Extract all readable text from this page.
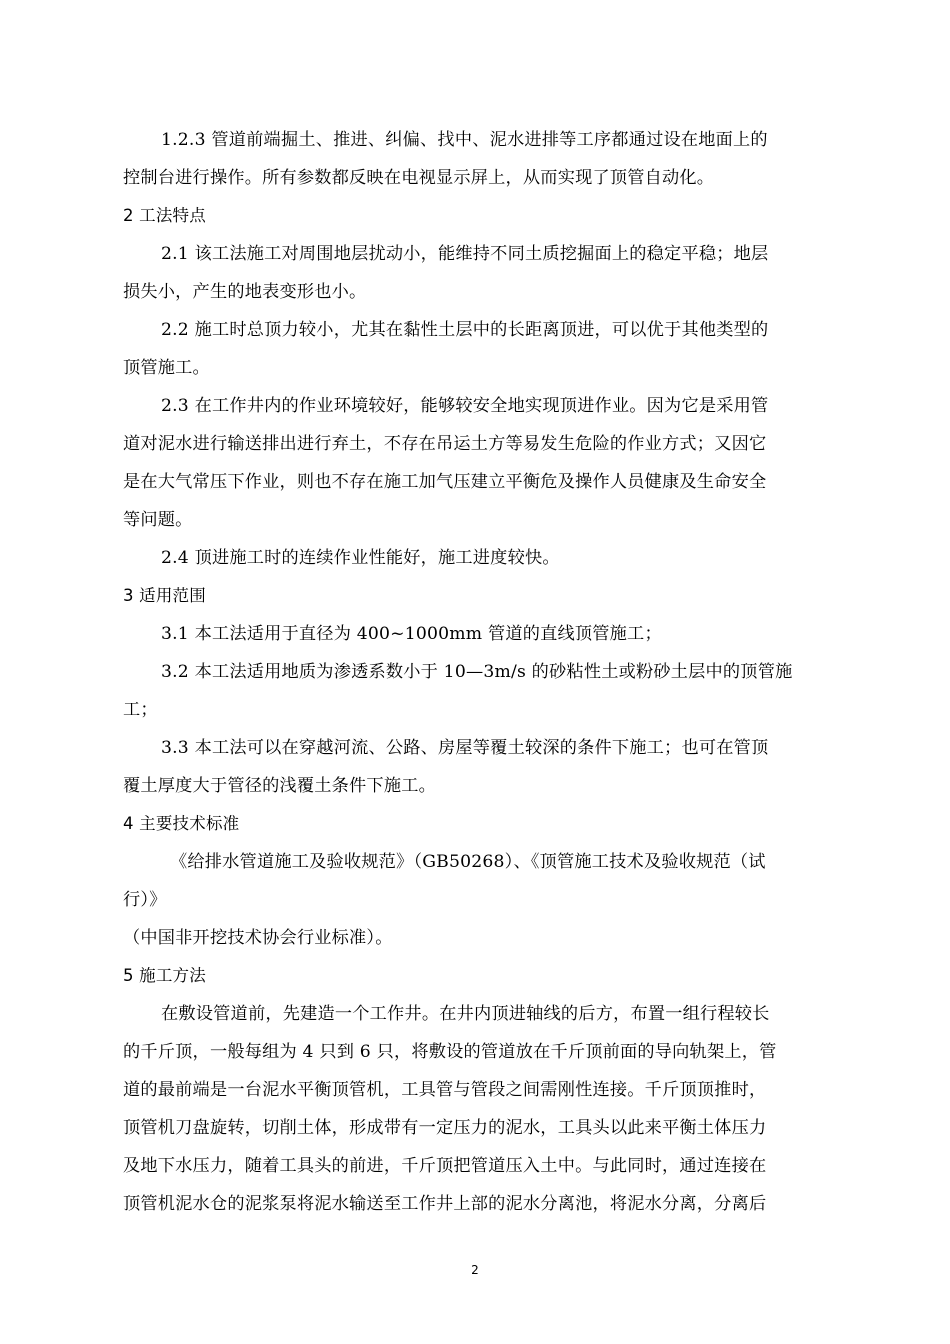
1.2.3 管道前端掘土、推进、纠偏、找中、泥水进排等工序都通过设在地面上的
控制台进行操作。所有参数都反映在电视显示屏上，从而实现了顶管自动化。
2 工法特点
2.1 该工法施工对周围地层扰动小，能维持不同土质挖掘面上的稳定平稳；地层
损失小，产生的地表变形也小。
2.2 施工时总顶力较小，尤其在黏性土层中的长距离顶进，可以优于其他类型的
顶管施工。
2.3 在工作井内的作业环境较好，能够较安全地实现顶进作业。因为它是采用管
道对泥水进行输送排出进行弃土，不存在吊运土方等易发生危险的作业方式；又因它
是在大气常压下作业，则也不存在施工加气压建立平衡危及操作人员健康及生命安全
等问题。
2.4 顶进施工时的连续作业性能好，施工进度较快。
3 适用范围
3.1 本工法适用于直径为 400~1000mm 管道的直线顶管施工；
3.2 本工法适用地质为渗透系数小于 10—3m/s 的砂粘性土或粉砂土层中的顶管施
工；
3.3 本工法可以在穿越河流、公路、房屋等覆土较深的条件下施工；也可在管顶
覆土厚度大于管径的浅覆土条件下施工。
4 主要技术标准
《给排水管道施工及验收规范》（GB50268）、《顶管施工技术及验收规范（试
行）》
（中国非开挖技术协会行业标准）。
5 施工方法
在敷设管道前，先建造一个工作井。在井内顶进轴线的后方，布置一组行程较长
的千斤顶，一般每组为 4 只到 6 只，将敷设的管道放在千斤顶前面的导向轨架上，管
道的最前端是一台泥水平衡顶管机，工具管与管段之间需刚性连接。千斤顶顶推时，
顶管机刀盘旋转，切削土体，形成带有一定压力的泥水，工具头以此来平衡土体压力
及地下水压力，随着工具头的前进，千斤顶把管道压入土中。与此同时，通过连接在
顶管机泥水仓的泥浆泵将泥水输送至工作井上部的泥水分离池，将泥水分离，分离后
2
